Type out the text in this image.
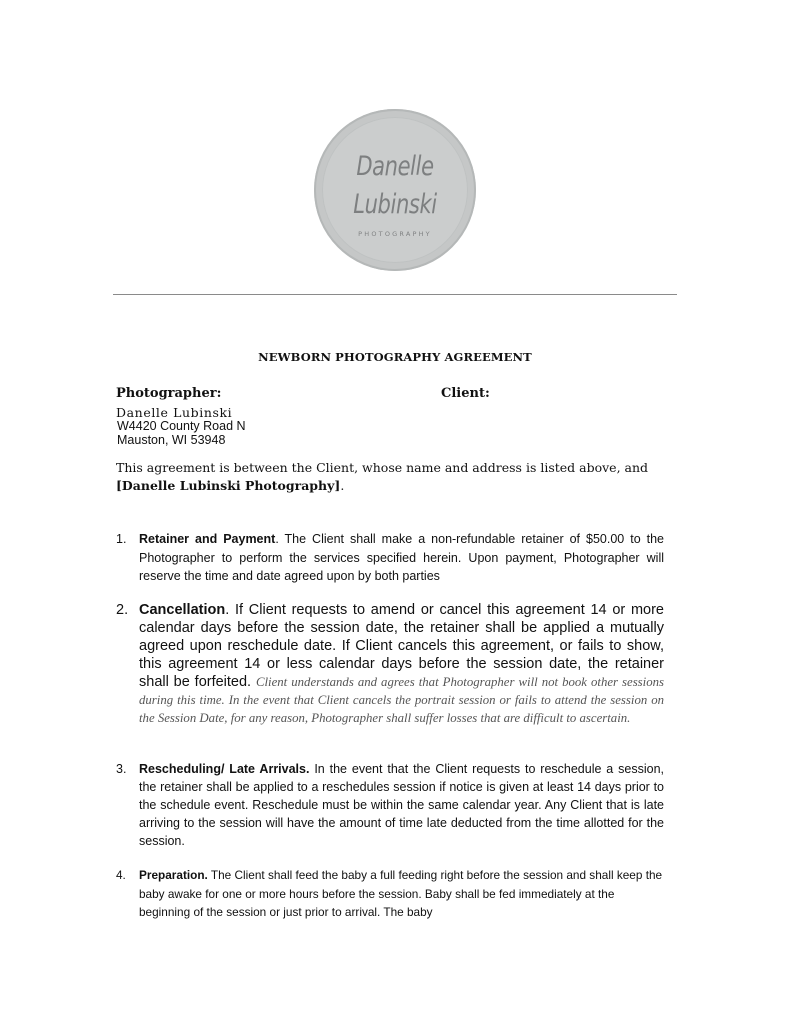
Danelle
Lubinski
PHOTOGRAPHY
NEWBORN PHOTOGRAPHY AGREEMENT
Photographer:	Client:
Danelle Lubinski
W4420 County Road N
Mauston, WI 53948
This agreement is between the Client, whose name and address is listed above, and
[Danelle Lubinski Photography].
1. Retainer and Payment. The Client shall make a non-refundable retainer of $50.00 to the Photographer to perform the services specified herein. Upon payment, Photographer will reserve the time and date agreed upon by both parties
2. Cancellation. If Client requests to amend or cancel this agreement 14 or more calendar days before the session date, the retainer shall be applied a mutually agreed upon reschedule date. If Client cancels this agreement, or fails to show, this agreement 14 or less calendar days before the session date, the retainer shall be forfeited. Client understands and agrees that Photographer will not book other sessions during this time. In the event that Client cancels the portrait session or fails to attend the session on the Session Date, for any reason, Photographer shall suffer losses that are difficult to ascertain.
3. Rescheduling/ Late Arrivals. In the event that the Client requests to reschedule a session, the retainer shall be applied to a reschedules session if notice is given at least 14 days prior to the schedule event. Reschedule must be within the same calendar year. Any Client that is late arriving to the session will have the amount of time late deducted from the time allotted for the session.
4. Preparation. The Client shall feed the baby a full feeding right before the session and shall keep the baby awake for one or more hours before the session. Baby shall be fed immediately at the beginning of the session or just prior to arrival. The baby
